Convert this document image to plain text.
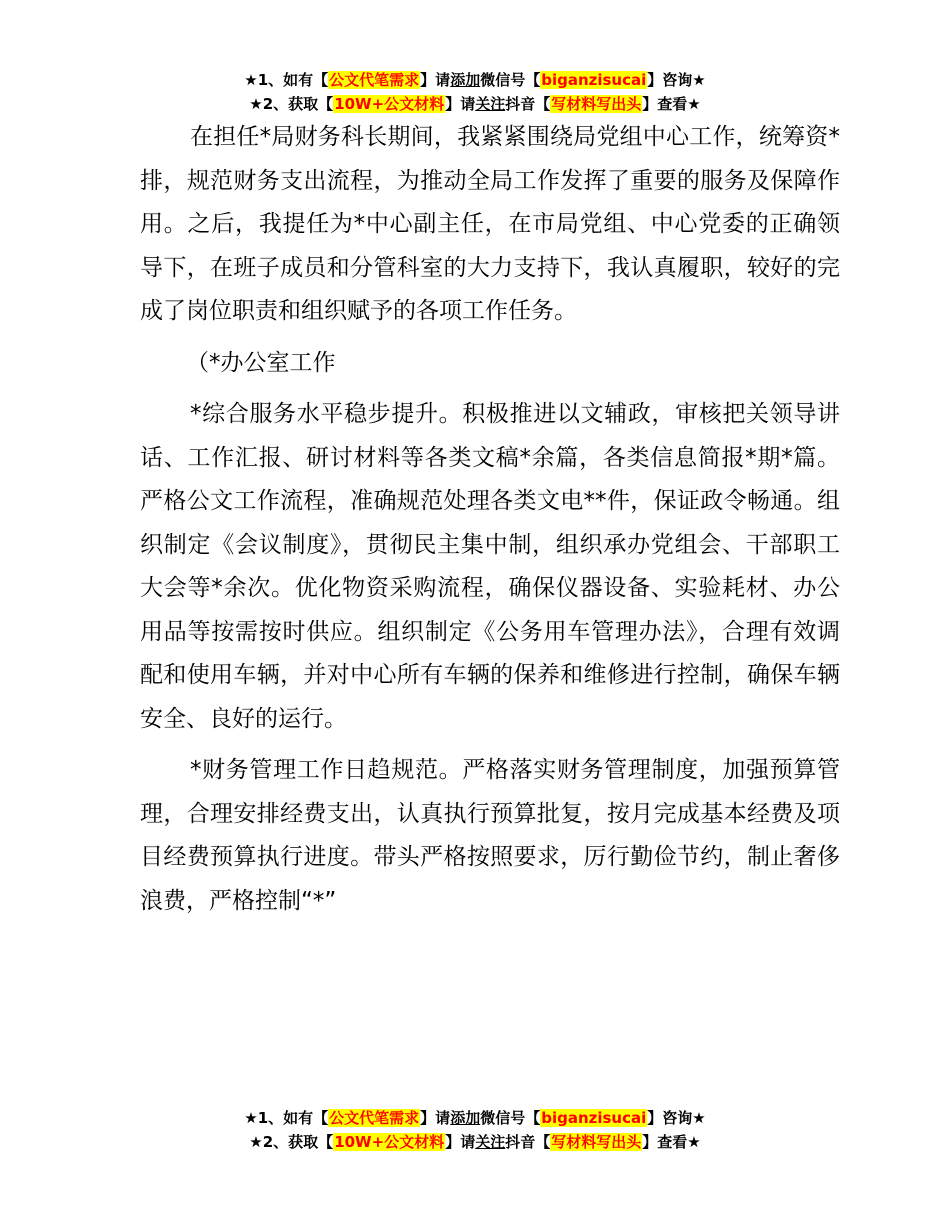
★1、如有【公文代笔需求】请添加微信号【biganzisucai】咨询★
★2、获取【10W+公文材料】请关注抖音【写材料写出头】查看★

在担任*局财务科长期间，我紧紧围绕局党组中心工作，统筹资*排，规范财务支出流程，为推动全局工作发挥了重要的服务及保障作用。之后，我提任为*中心副主任，在市局党组、中心党委的正确领导下，在班子成员和分管科室的大力支持下，我认真履职，较好的完成了岗位职责和组织赋予的各项工作任务。

（*办公室工作

*综合服务水平稳步提升。积极推进以文辅政，审核把关领导讲话、工作汇报、研讨材料等各类文稿*余篇，各类信息简报*期*篇。严格公文工作流程，准确规范处理各类文电**件，保证政令畅通。组织制定《会议制度》，贯彻民主集中制，组织承办党组会、干部职工大会等*余次。优化物资采购流程，确保仪器设备、实验耗材、办公用品等按需按时供应。组织制定《公务用车管理办法》，合理有效调配和使用车辆，并对中心所有车辆的保养和维修进行控制，确保车辆安全、良好的运行。

*财务管理工作日趋规范。严格落实财务管理制度，加强预算管理，合理安排经费支出，认真执行预算批复，按月完成基本经费及项目经费预算执行进度。带头严格按照要求，厉行勤俭节约，制止奢侈浪费，严格控制“*”

★1、如有【公文代笔需求】请添加微信号【biganzisucai】咨询★
★2、获取【10W+公文材料】请关注抖音【写材料写出头】查看★
